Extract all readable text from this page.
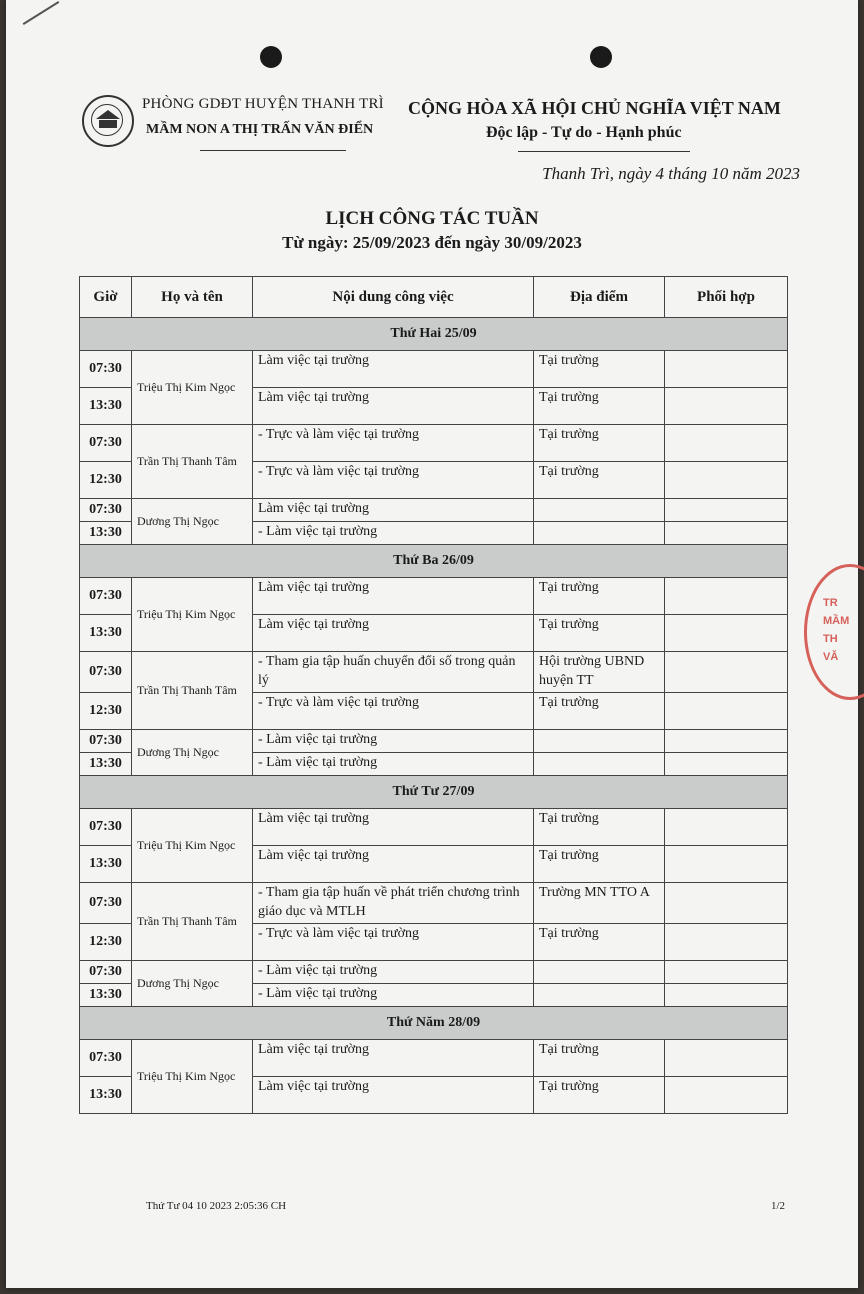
PHÒNG GDĐT HUYỆN THANH TRÌ
MẦM NON A THỊ TRẤN VĂN ĐIỂN
CỘNG HÒA XÃ HỘI CHỦ NGHĨA VIỆT NAM
Độc lập - Tự do - Hạnh phúc
Thanh Trì, ngày 4 tháng 10 năm 2023
LỊCH CÔNG TÁC TUẦN
Từ ngày: 25/09/2023 đến ngày 30/09/2023
Giờ	Họ và tên	Nội dung công việc	Địa điểm	Phối hợp
Thứ Hai 25/09				
07:30	Triệu Thị Kim Ngọc	Làm việc tại trường	Tại trường	
13:30		Làm việc tại trường	Tại trường	
07:30	Trần Thị Thanh Tâm	- Trực và làm việc tại trường	Tại trường	
12:30		- Trực và làm việc tại trường	Tại trường	
07:30	Dương Thị Ngọc	Làm việc tại trường		
13:30		- Làm việc tại trường		
Thứ Ba 26/09				
07:30	Triệu Thị Kim Ngọc	Làm việc tại trường	Tại trường	
13:30		Làm việc tại trường	Tại trường	
07:30	Trần Thị Thanh Tâm	- Tham gia tập huấn chuyển đổi số trong quản lý	Hội trường UBND huyện TT	
12:30		- Trực và làm việc tại trường	Tại trường	
07:30	Dương Thị Ngọc	- Làm việc tại trường		
13:30		- Làm việc tại trường		
Thứ Tư 27/09				
07:30	Triệu Thị Kim Ngọc	Làm việc tại trường	Tại trường	
13:30		Làm việc tại trường	Tại trường	
07:30	Trần Thị Thanh Tâm	- Tham gia tập huấn về phát triển chương trình giáo dục và MTLH	Trường MN TTO A	
12:30		- Trực và làm việc tại trường	Tại trường	
07:30	Dương Thị Ngọc	- Làm việc tại trường		
13:30		- Làm việc tại trường		
Thứ Năm 28/09				
07:30	Triệu Thị Kim Ngọc	Làm việc tại trường	Tại trường	
13:30		Làm việc tại trường	Tại trường	
TR
MẦM
TH
VĂ
Thứ Tư 04 10 2023 2:05:36 CH	1/2
